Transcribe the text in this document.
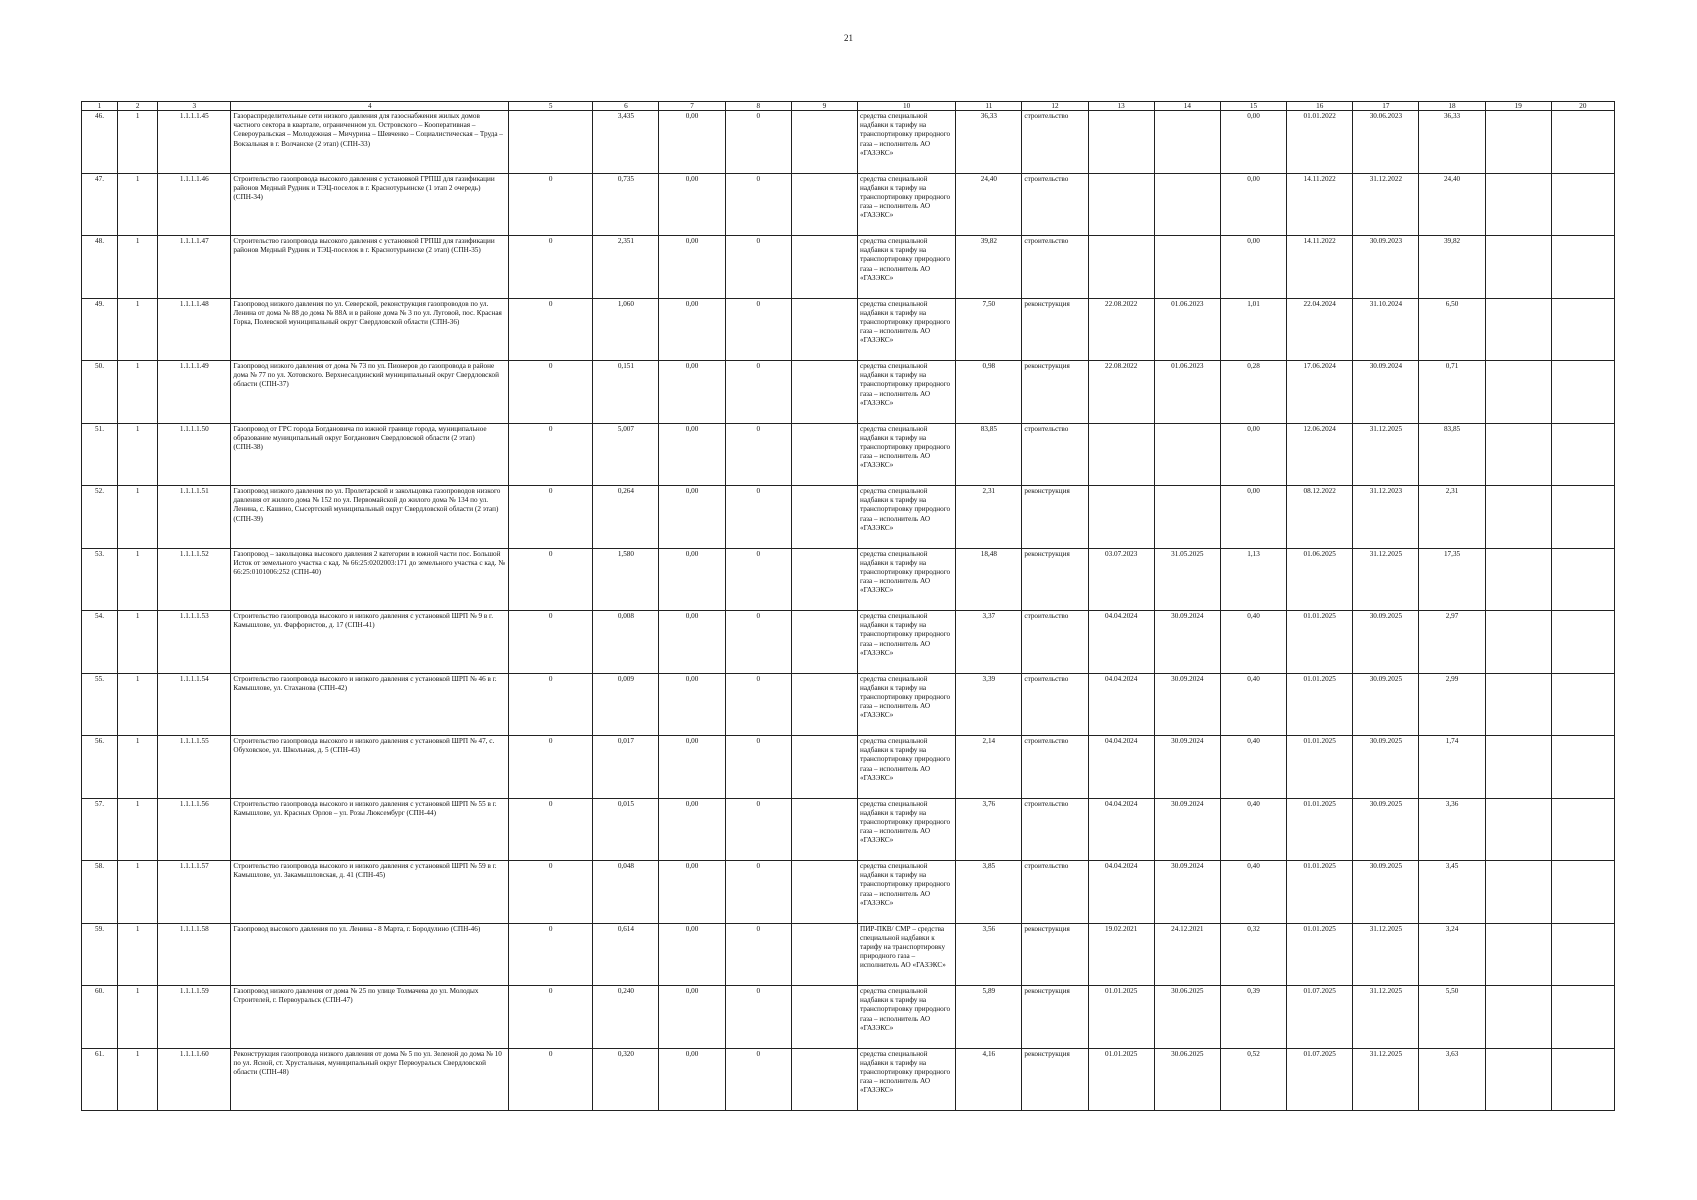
21
1	2	3	4	5	6	7	8	9	10	11	12	13	14	15	16	17	18	19	20
46.	1	1.1.1.1.45	Газораспределительные сети низкого давления для газоснабжения жилых домов частного сектора в квартале, ограниченном ул. Островского – Кооперативная – Североуральская – Молодежная – Мичурина – Шевченко – Социалистическая – Труда – Вокзальная в г. Волчанске (2 этап) (СПН-33)		3,435	0,00	0		средства специальной надбавки к тарифу на транспортировку природного газа – исполнитель АО «ГАЗЭКС»	36,33	строительство			0,00	01.01.2022	30.06.2023	36,33		
47.	1	1.1.1.1.46	Строительство газопровода высокого давления с установкой ГРПШ для газификации районов Медный Рудник и ТЭЦ-поселок в г. Краснотурьинске (1 этап 2 очередь) (СПН-34)	0	0,735	0,00	0		средства специальной надбавки к тарифу на транспортировку природного газа – исполнитель АО «ГАЗЭКС»	24,40	строительство			0,00	14.11.2022	31.12.2022	24,40		
48.	1	1.1.1.1.47	Строительство газопровода высокого давления с установкой ГРПШ для газификации районов Медный Рудник и ТЭЦ-поселок в г. Краснотурьинске (2 этап) (СПН-35)	0	2,351	0,00	0		средства специальной надбавки к тарифу на транспортировку природного газа – исполнитель АО «ГАЗЭКС»	39,82	строительство			0,00	14.11.2022	30.09.2023	39,82		
49.	1	1.1.1.1.48	Газопровод низкого давления по ул. Северской, реконструкция газопроводов по ул. Ленина от дома № 88 до дома № 88А и в районе дома № 3 по ул. Луговой, пос. Красная Горка, Полевской муниципальный округ Свердловской области (СПН-36)	0	1,060	0,00	0		средства специальной надбавки к тарифу на транспортировку природного газа – исполнитель АО «ГАЗЭКС»	7,50	реконструкция	22.08.2022	01.06.2023	1,01	22.04.2024	31.10.2024	6,50		
50.	1	1.1.1.1.49	Газопровод низкого давления от дома № 73 по ул. Пионеров до газопровода в районе дома № 77 по ул. Хотовского. Верхнесалдинский муниципальный округ Свердловской области (СПН-37)	0	0,151	0,00	0		средства специальной надбавки к тарифу на транспортировку природного газа – исполнитель АО «ГАЗЭКС»	0,98	реконструкция	22.08.2022	01.06.2023	0,28	17.06.2024	30.09.2024	0,71		
51.	1	1.1.1.1.50	Газопровод от ГРС города Богдановича по южной границе города, муниципальное образование муниципальный округ Богданович Свердловской области (2 этап) (СПН-38)	0	5,007	0,00	0		средства специальной надбавки к тарифу на транспортировку природного газа – исполнитель АО «ГАЗЭКС»	83,85	строительство			0,00	12.06.2024	31.12.2025	83,85		
52.	1	1.1.1.1.51	Газопровод низкого давления по ул. Пролетарской и закольцовка газопроводов низкого давления от жилого дома № 152 по ул. Первомайской до жилого дома № 134 по ул. Ленина, с. Кашино, Сысертский муниципальный округ Свердловской области (2 этап) (СПН-39)	0	0,264	0,00	0		средства специальной надбавки к тарифу на транспортировку природного газа – исполнитель АО «ГАЗЭКС»	2,31	реконструкция			0,00	08.12.2022	31.12.2023	2,31		
53.	1	1.1.1.1.52	Газопровод – закольцовка высокого давления 2 категории в южной части пос. Большой Исток от земельного участка с кад. № 66:25:0202003:171 до земельного участка с кад. № 66:25:0101006:252 (СПН-40)	0	1,580	0,00	0		средства специальной надбавки к тарифу на транспортировку природного газа – исполнитель АО «ГАЗЭКС»	18,48	реконструкция	03.07.2023	31.05.2025	1,13	01.06.2025	31.12.2025	17,35		
54.	1	1.1.1.1.53	Строительство газопровода высокого и низкого давления с установкой ШРП № 9 в г. Камышлове, ул. Фарфористов, д. 17 (СПН-41)	0	0,008	0,00	0		средства специальной надбавки к тарифу на транспортировку природного газа – исполнитель АО «ГАЗЭКС»	3,37	строительство	04.04.2024	30.09.2024	0,40	01.01.2025	30.09.2025	2,97		
55.	1	1.1.1.1.54	Строительство газопровода высокого и низкого давления с установкой ШРП № 46 в г. Камышлове, ул. Стаханова (СПН-42)	0	0,009	0,00	0		средства специальной надбавки к тарифу на транспортировку природного газа – исполнитель АО «ГАЗЭКС»	3,39	строительство	04.04.2024	30.09.2024	0,40	01.01.2025	30.09.2025	2,99		
56.	1	1.1.1.1.55	Строительство газопровода высокого и низкого давления с установкой ШРП № 47, с. Обуховское, ул. Школьная, д. 5 (СПН-43)	0	0,017	0,00	0		средства специальной надбавки к тарифу на транспортировку природного газа – исполнитель АО «ГАЗЭКС»	2,14	строительство	04.04.2024	30.09.2024	0,40	01.01.2025	30.09.2025	1,74		
57.	1	1.1.1.1.56	Строительство газопровода высокого и низкого давления с установкой ШРП № 55 в г. Камышлове, ул. Красных Орлов – ул. Розы Люксембург (СПН-44)	0	0,015	0,00	0		средства специальной надбавки к тарифу на транспортировку природного газа – исполнитель АО «ГАЗЭКС»	3,76	строительство	04.04.2024	30.09.2024	0,40	01.01.2025	30.09.2025	3,36		
58.	1	1.1.1.1.57	Строительство газопровода высокого и низкого давления с установкой ШРП № 59 в г. Камышлове, ул. Закамышловская, д. 41 (СПН-45)	0	0,048	0,00	0		средства специальной надбавки к тарифу на транспортировку природного газа – исполнитель АО «ГАЗЭКС»	3,85	строительство	04.04.2024	30.09.2024	0,40	01.01.2025	30.09.2025	3,45		
59.	1	1.1.1.1.58	Газопровод высокого давления по ул. Ленина - 8 Марта, г. Бородулино (СПН-46)	0	0,614	0,00	0		ПИР-ПКВ/ СМР – средства специальной надбавки к тарифу на транспортировку природного газа – исполнитель АО «ГАЗЭКС»	3,56	реконструкция	19.02.2021	24.12.2021	0,32	01.01.2025	31.12.2025	3,24		
60.	1	1.1.1.1.59	Газопровод низкого давления от дома № 25 по улице Толмачева до ул. Молодых Строителей, г. Первоуральск (СПН-47)	0	0,240	0,00	0		средства специальной надбавки к тарифу на транспортировку природного газа – исполнитель АО «ГАЗЭКС»	5,89	реконструкция	01.01.2025	30.06.2025	0,39	01.07.2025	31.12.2025	5,50		
61.	1	1.1.1.1.60	Реконструкция газопровода низкого давления от дома № 5 по ул. Зеленой до дома № 10 по ул. Ясной, ст. Хрустальная, муниципальный округ Первоуральск Свердловской области (СПН-48)	0	0,320	0,00	0		средства специальной надбавки к тарифу на транспортировку природного газа – исполнитель АО «ГАЗЭКС»	4,16	реконструкция	01.01.2025	30.06.2025	0,52	01.07.2025	31.12.2025	3,63		
